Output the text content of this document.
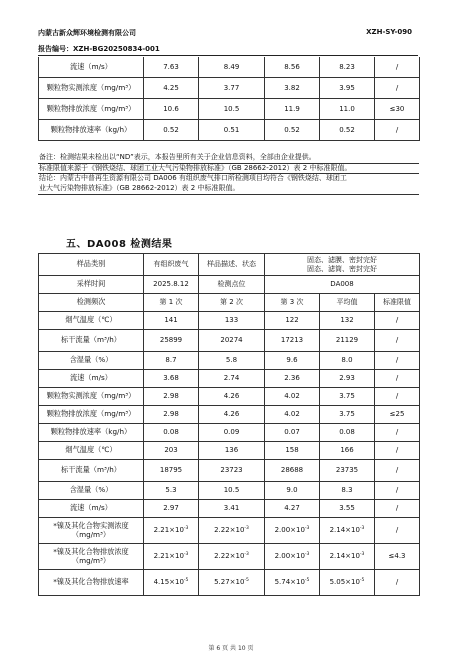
内蒙古新众辉环境检测有限公司	XZH-SY-090
报告编号：XZH-BG20250834-001
流速（m/s）	7.63	8.49	8.56	8.23	/
颗粒物实测浓度（mg/m³）	4.25	3.77	3.82	3.95	/
颗粒物排放浓度（mg/m³）	10.6	10.5	11.9	11.0	≤30
颗粒物排放速率（kg/h）	0.52	0.51	0.52	0.52	/
备注：检测结果未检出以“ND”表示，本报告里所有关于企业信息资料，全部由企业提供。
标准限值来源于《钢铁烧结、球团工业大气污染物排放标准》（GB 28662-2012）表 2 中标准限值。
结论：内蒙古中普再生资源有限公司 DA006 有组织废气排口所检测项目均符合《钢铁烧结、球团工
业大气污染物排放标准》（GB 28662-2012）表 2 中标准限值。
五、DA008 检测结果
样品类别	有组织废气	样品描述、状态	固态、滤膜、密封完好
固态、滤筒、密封完好		

采样时间	2025.8.12	检测点位	DA008		
检测频次	第 1 次	第 2 次	第 3 次	平均值	标准限值
烟气温度（℃）	141	133	122	132	/
标干流量（m³/h）	25899	20274	17213	21129	/
含湿量（%）	8.7	5.8	9.6	8.0	/
流速（m/s）	3.68	2.74	2.36	2.93	/
颗粒物实测浓度（mg/m³）	2.98	4.26	4.02	3.75	/
颗粒物排放浓度（mg/m³）	2.98	4.26	4.02	3.75	≤25
颗粒物排放速率（kg/h）	0.08	0.09	0.07	0.08	/
烟气温度（℃）	203	136	158	166	/
标干流量（m³/h）	18795	23723	28688	23735	/
含湿量（%）	5.3	10.5	9.0	8.3	/
流速（m/s）	2.97	3.41	4.27	3.55	/

*镍及其化合物实测浓度
（mg/m³）	$2.21\times 10^{-3}$	$2.22\times 10^{-3}$	$2.00\times 10^{-3}$	$2.14\times 10^{-3}$	/

*镍及其化合物排放浓度
（mg/m³）	$2.21\times 10^{-3}$	$2.22\times 10^{-3}$	$2.00\times 10^{-3}$	$2.14\times 10^{-3}$	≤4.3

*镍及其化合物排放速率	$4.15\times 10^{-5}$	$5.27\times 10^{-5}$	$5.74\times 10^{-5}$	$5.05\times 10^{-5}$	/
第 6 页 共 10 页
